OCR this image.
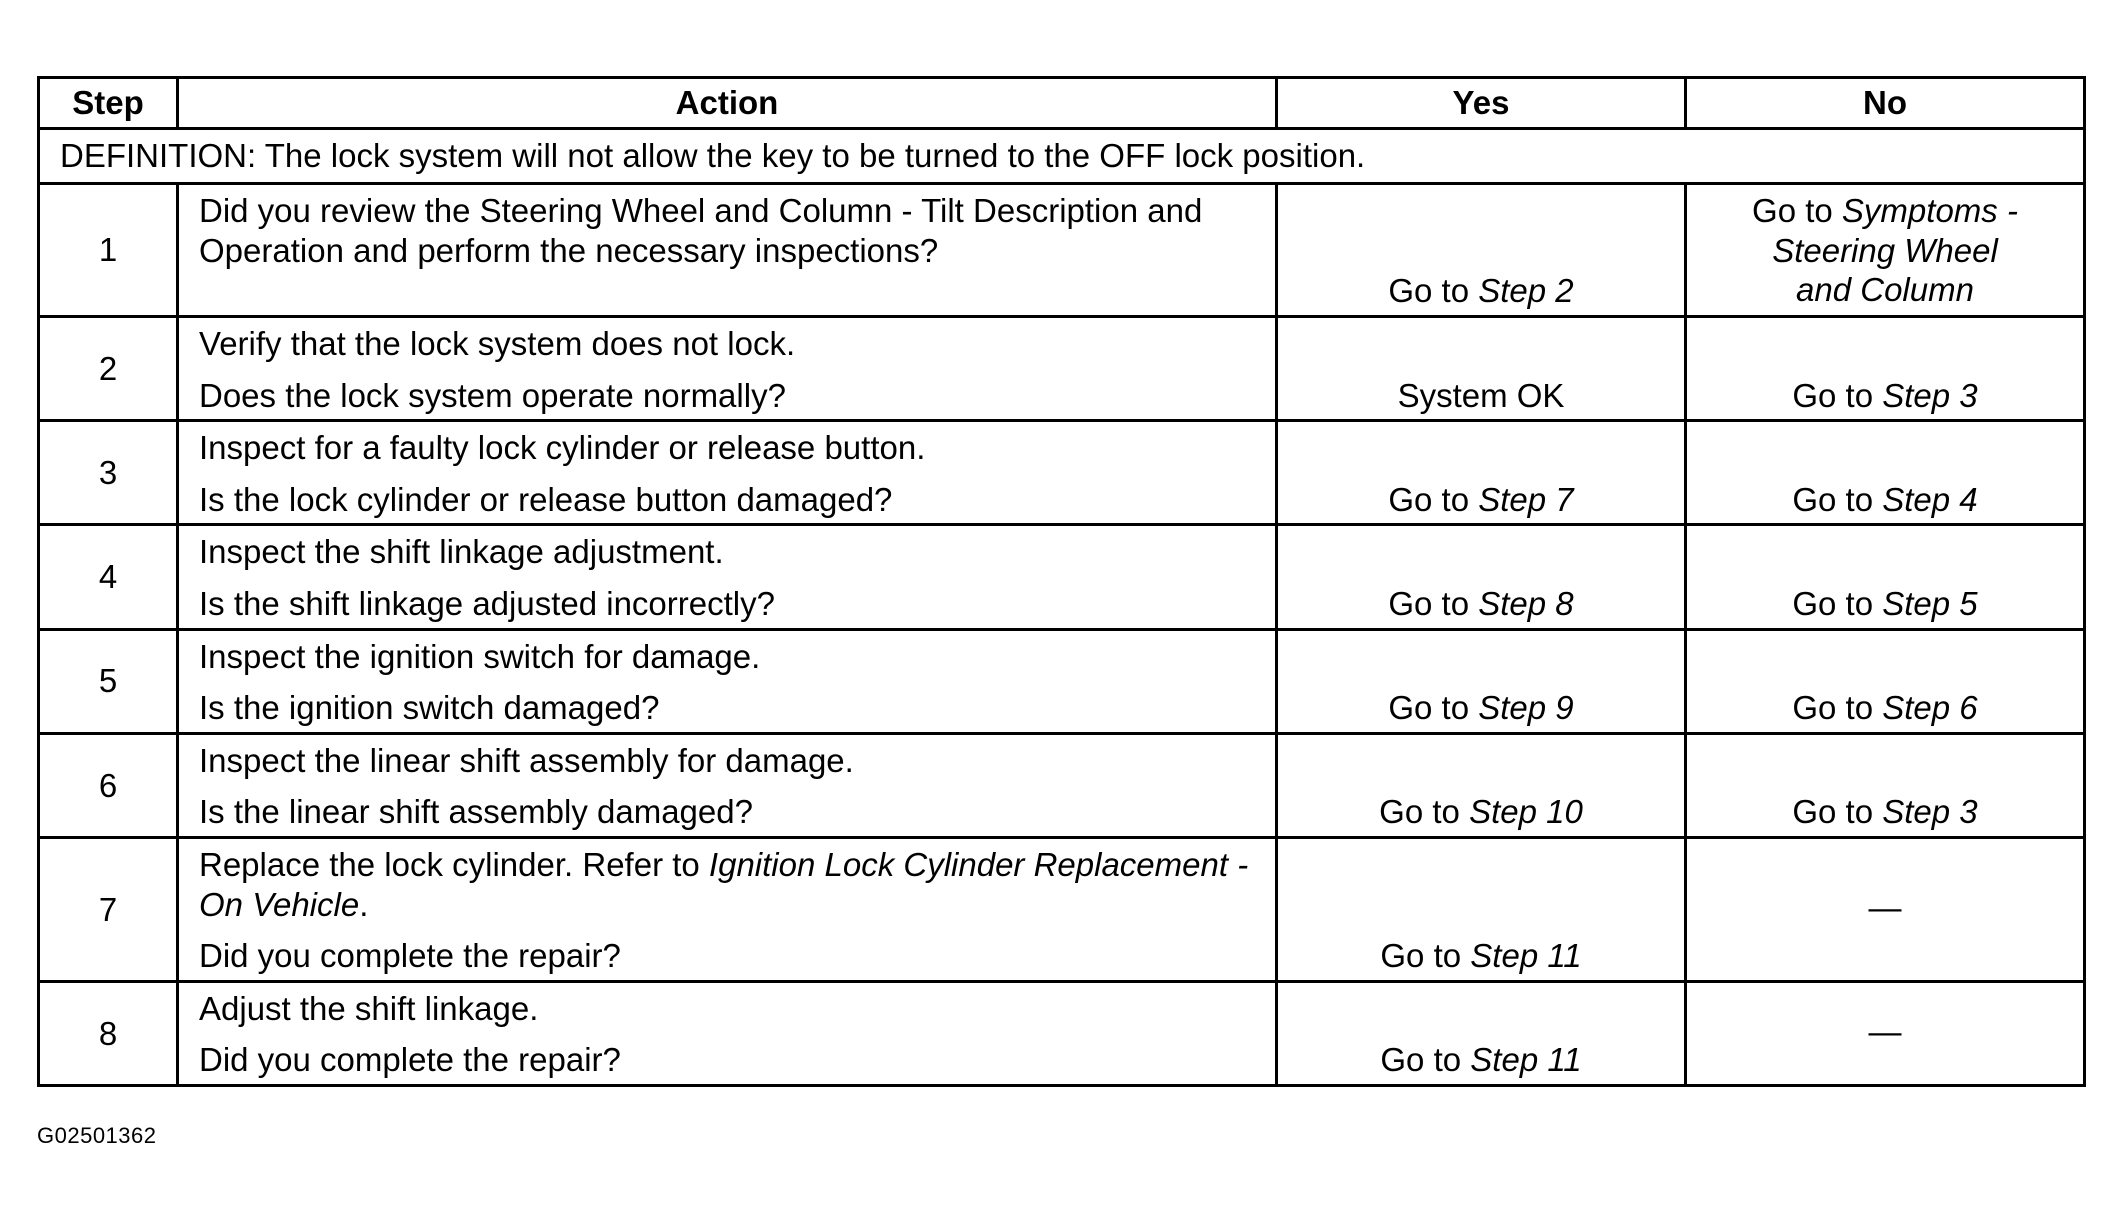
Step	Action	Yes	No
DEFINITION: The lock system will not allow the key to be turned to the OFF lock position.			
1	Did you review the Steering Wheel and Column - Tilt Description and Operation and perform the necessary inspections?	Go to Step 2	Go to Symptoms -
Steering Wheel
and Column
2	Verify that the lock system does not lock.
Does the lock system operate normally?	System OK	Go to Step 3
3	Inspect for a faulty lock cylinder or release button.
Is the lock cylinder or release button damaged?	Go to Step 7	Go to Step 4
4	Inspect the shift linkage adjustment.
Is the shift linkage adjusted incorrectly?	Go to Step 8	Go to Step 5
5	Inspect the ignition switch for damage.
Is the ignition switch damaged?	Go to Step 9	Go to Step 6
6	Inspect the linear shift assembly for damage.
Is the linear shift assembly damaged?	Go to Step 10	Go to Step 3
7	Replace the lock cylinder. Refer to Ignition Lock Cylinder Replacement - On Vehicle.
Did you complete the repair?	Go to Step 11	—
8	Adjust the shift linkage.
Did you complete the repair?	Go to Step 11	—
G02501362
